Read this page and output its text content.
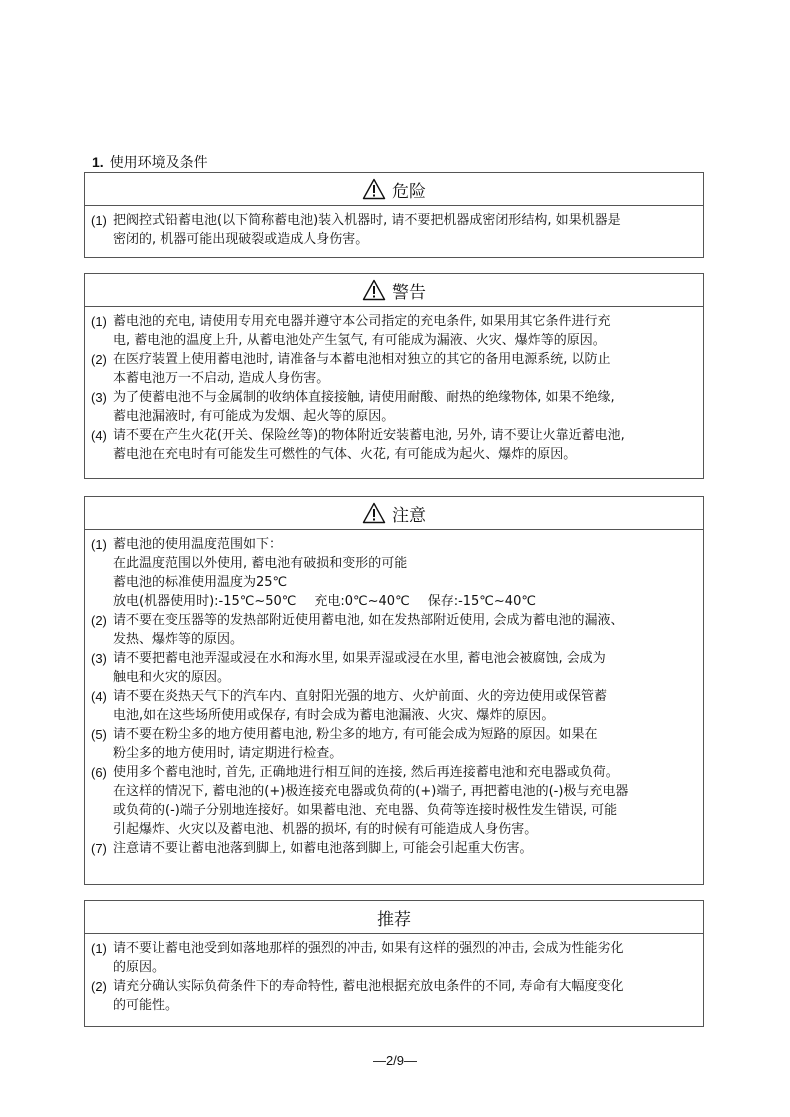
1. 使用环境及条件
危险
(1) 把阀控式铅蓄电池(以下简称蓄电池)装入机器时, 请不要把机器成密闭形结构, 如果机器是
密闭的, 机器可能出现破裂或造成人身伤害。
警告
(1) 蓄电池的充电, 请使用专用充电器并遵守本公司指定的充电条件, 如果用其它条件进行充
电, 蓄电池的温度上升, 从蓄电池处产生氢气, 有可能成为漏液、火灾、爆炸等的原因。
(2) 在医疗装置上使用蓄电池时, 请准备与本蓄电池相对独立的其它的备用电源系统, 以防止
本蓄电池万一不启动, 造成人身伤害。
(3) 为了使蓄电池不与金属制的收纳体直接接触, 请使用耐酸、耐热的绝缘物体, 如果不绝缘,
蓄电池漏液时, 有可能成为发烟、起火等的原因。
(4) 请不要在产生火花(开关、保险丝等)的物体附近安装蓄电池, 另外, 请不要让火靠近蓄电池,
蓄电池在充电时有可能发生可燃性的气体、火花, 有可能成为起火、爆炸的原因。
注意
(1) 蓄电池的使用温度范围如下：
在此温度范围以外使用, 蓄电池有破损和变形的可能
蓄电池的标准使用温度为25℃
放电(机器使用时):-15℃~50℃ 充电:0℃~40℃ 保存:-15℃~40℃
(2) 请不要在变压器等的发热部附近使用蓄电池, 如在发热部附近使用, 会成为蓄电池的漏液、
发热、爆炸等的原因。
(3) 请不要把蓄电池弄湿或浸在水和海水里, 如果弄湿或浸在水里, 蓄电池会被腐蚀, 会成为
触电和火灾的原因。
(4) 请不要在炎热天气下的汽车内、直射阳光强的地方、火炉前面、火的旁边使用或保管蓄
电池,如在这些场所使用或保存, 有时会成为蓄电池漏液、火灾、爆炸的原因。
(5) 请不要在粉尘多的地方使用蓄电池, 粉尘多的地方, 有可能会成为短路的原因。如果在
粉尘多的地方使用时, 请定期进行检查。
(6) 使用多个蓄电池时, 首先, 正确地进行相互间的连接, 然后再连接蓄电池和充电器或负荷。
在这样的情况下, 蓄电池的(+)极连接充电器或负荷的(+)端子, 再把蓄电池的(-)极与充电器
或负荷的(-)端子分别地连接好。如果蓄电池、充电器、负荷等连接时极性发生错误, 可能
引起爆炸、火灾以及蓄电池、机器的损坏, 有的时候有可能造成人身伤害。
(7) 注意请不要让蓄电池落到脚上, 如蓄电池落到脚上, 可能会引起重大伤害。
推荐
(1) 请不要让蓄电池受到如落地那样的强烈的冲击, 如果有这样的强烈的冲击, 会成为性能劣化
的原因。
(2) 请充分确认实际负荷条件下的寿命特性, 蓄电池根据充放电条件的不同, 寿命有大幅度变化
的可能性。
—2/9—
